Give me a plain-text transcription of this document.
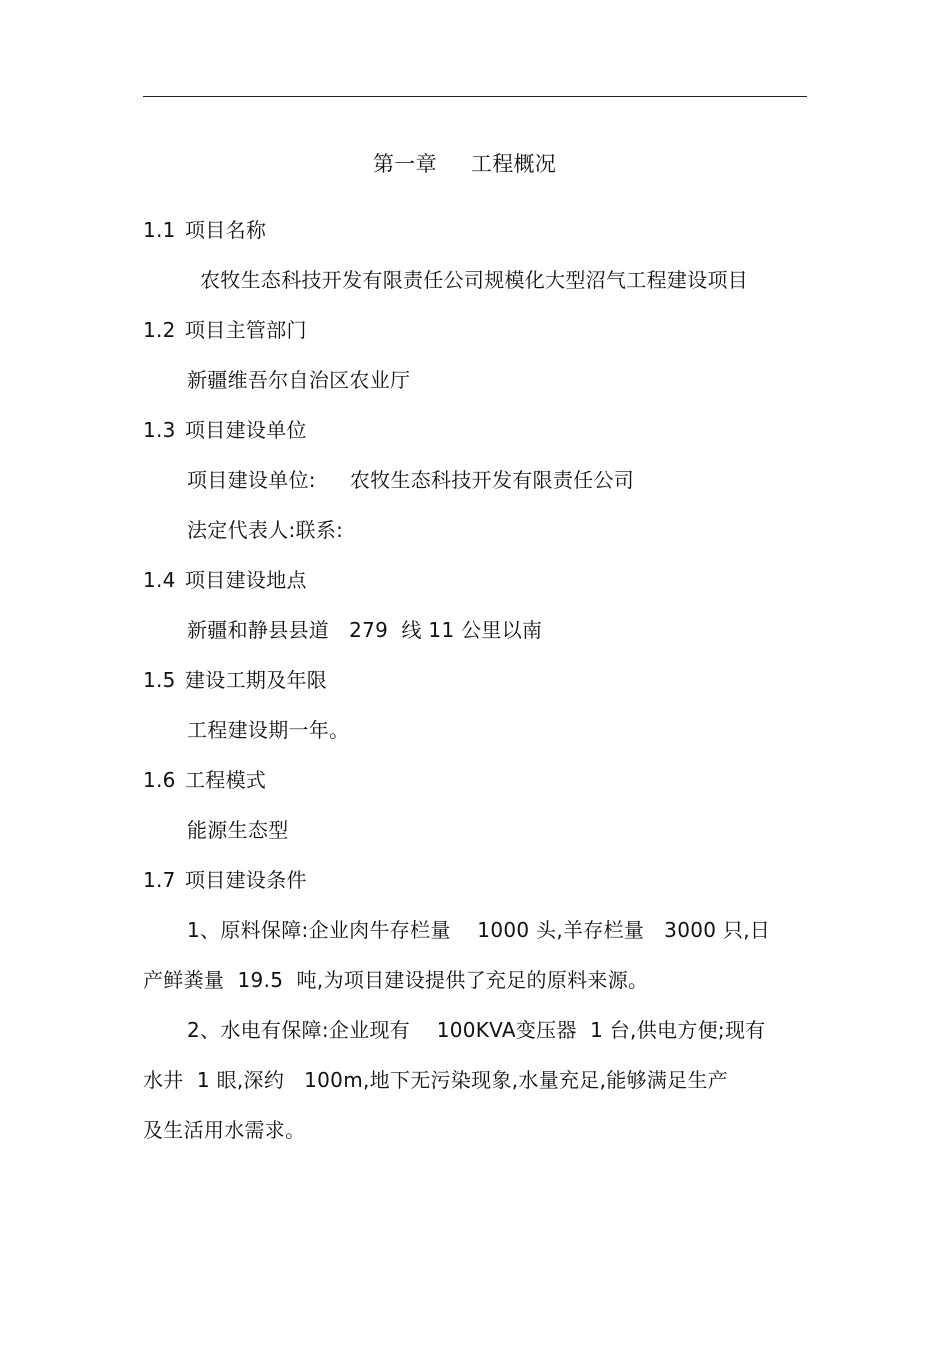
第一章 工程概况
1.1 项目名称
农牧生态科技开发有限责任公司规模化大型沼气工程建设项目
1.2 项目主管部门
新疆维吾尔自治区农业厅
1.3 项目建设单位
项目建设单位: 农牧生态科技开发有限责任公司
法定代表人:联系:
1.4 项目建设地点
新疆和静县县道   279  线 11 公里以南
1.5 建设工期及年限
工程建设期一年。
1.6 工程模式
能源生态型
1.7 项目建设条件
1、原料保障:企业肉牛存栏量    1000 头,羊存栏量   3000 只,日
产鲜粪量  19.5  吨,为项目建设提供了充足的原料来源。
2、水电有保障:企业现有    100KVA变压器  1 台,供电方便;现有
水井  1 眼,深约   100m,地下无污染现象,水量充足,能够满足生产
及生活用水需求。
